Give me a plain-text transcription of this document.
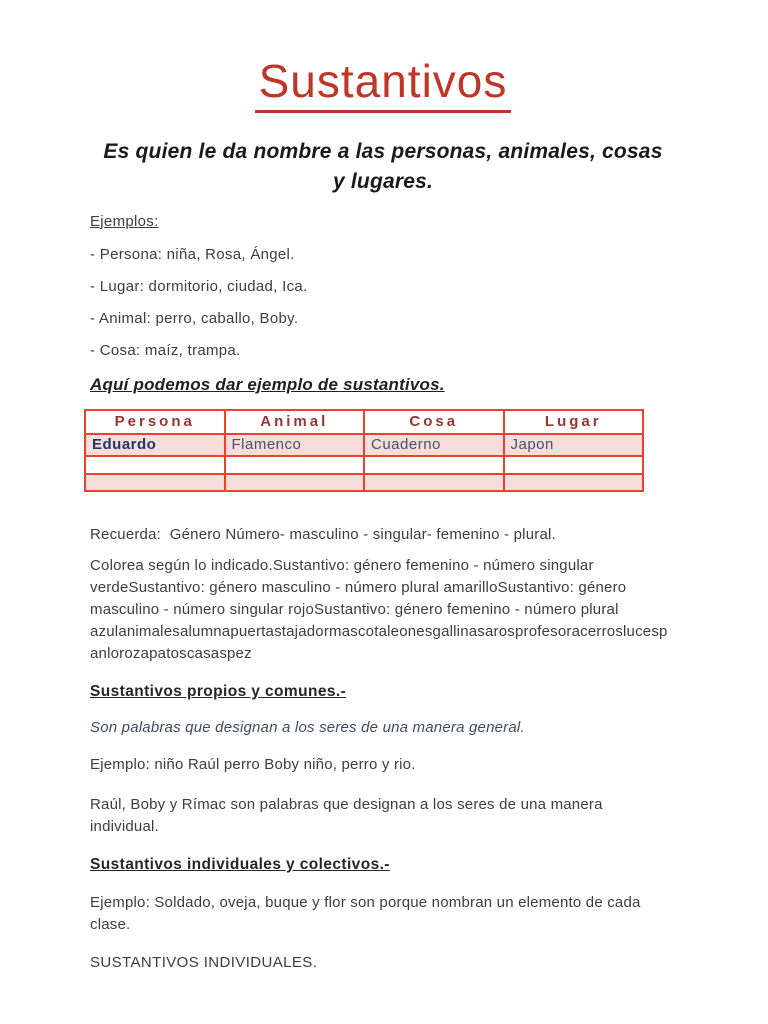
Sustantivos

Es quien le da nombre a las personas, animales, cosas y lugares.

Ejemplos:

- Persona: niña, Rosa, Ángel.

- Lugar: dormitorio, ciudad, Ica.

- Animal: perro, caballo, Boby.

- Cosa: maíz, trampa.

Aquí podemos dar ejemplo de sustantivos.

Persona	Animal	Cosa	Lugar
Eduardo	Flamenco	Cuaderno	Japon

Recuerda:  Género Número- masculino - singular- femenino - plural.

Colorea según lo indicado.Sustantivo: género femenino - número singular verdeSustantivo: género masculino - número plural amarilloSustantivo: género masculino - número singular rojoSustantivo: género femenino - número plural azulanimalesalumnapuertastajadormascotaleonesgallinasarosprofesoracerroslucespanlorozapatoscasaspez

Sustantivos propios y comunes.-

Son palabras que designan a los seres de una manera general.

Ejemplo: niño Raúl perro Boby niño, perro y rio.

Raúl, Boby y Rímac son palabras que designan a los seres de una manera individual.

Sustantivos individuales y colectivos.-

Ejemplo: Soldado, oveja, buque y flor son porque nombran un elemento de cada clase.

SUSTANTIVOS INDIVIDUALES.
